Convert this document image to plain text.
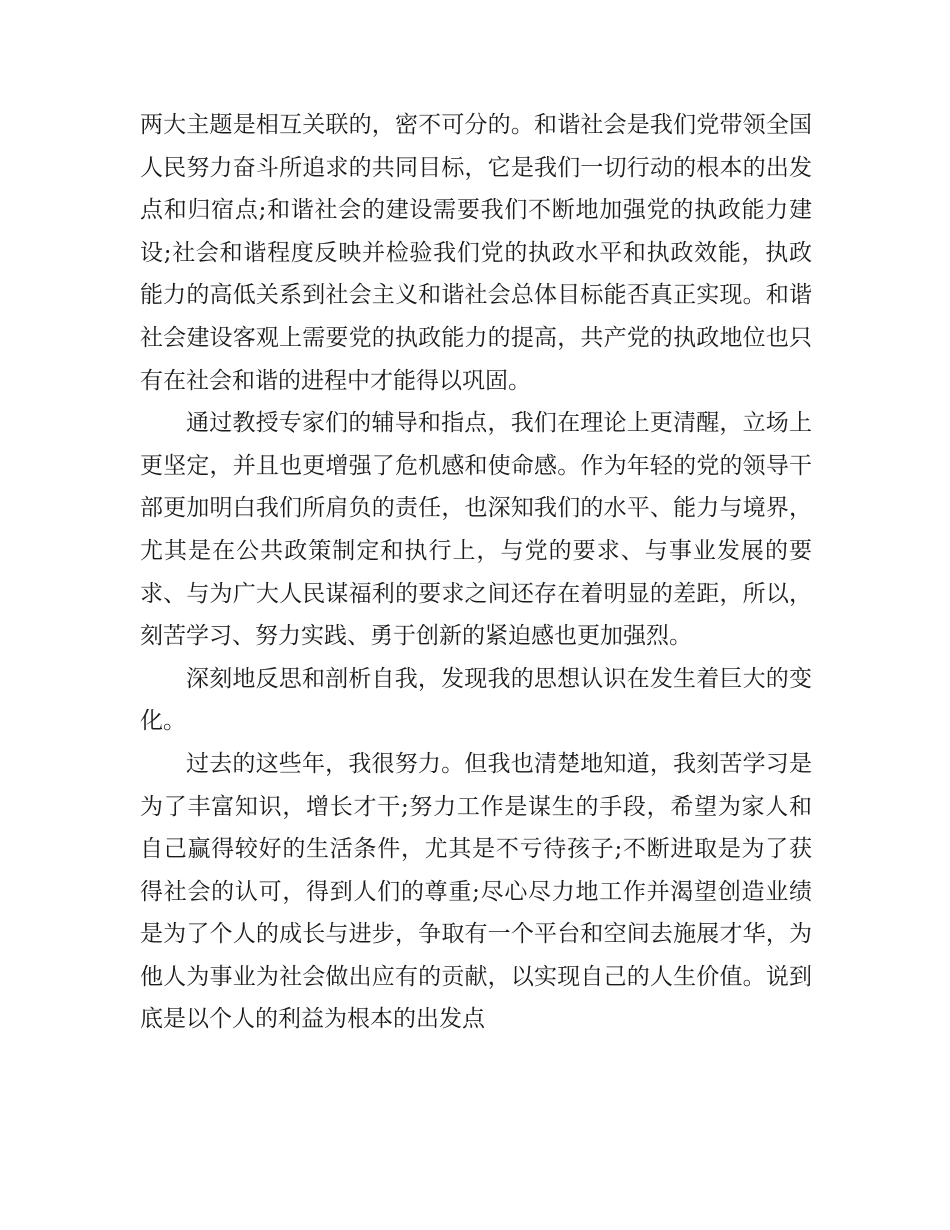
两大主题是相互关联的，密不可分的。和谐社会是我们党带领全国人民努力奋斗所追求的共同目标，它是我们一切行动的根本的出发点和归宿点;和谐社会的建设需要我们不断地加强党的执政能力建设;社会和谐程度反映并检验我们党的执政水平和执政效能，执政能力的高低关系到社会主义和谐社会总体目标能否真正实现。和谐社会建设客观上需要党的执政能力的提高，共产党的执政地位也只有在社会和谐的进程中才能得以巩固。

通过教授专家们的辅导和指点，我们在理论上更清醒，立场上更坚定，并且也更增强了危机感和使命感。作为年轻的党的领导干部更加明白我们所肩负的责任，也深知我们的水平、能力与境界，尤其是在公共政策制定和执行上，与党的要求、与事业发展的要求、与为广大人民谋福利的要求之间还存在着明显的差距，所以，刻苦学习、努力实践、勇于创新的紧迫感也更加强烈。

深刻地反思和剖析自我，发现我的思想认识在发生着巨大的变化。

过去的这些年，我很努力。但我也清楚地知道，我刻苦学习是为了丰富知识，增长才干;努力工作是谋生的手段，希望为家人和自己赢得较好的生活条件，尤其是不亏待孩子;不断进取是为了获得社会的认可，得到人们的尊重;尽心尽力地工作并渴望创造业绩是为了个人的成长与进步，争取有一个平台和空间去施展才华，为他人为事业为社会做出应有的贡献，以实现自己的人生价值。说到底是以个人的利益为根本的出发点
